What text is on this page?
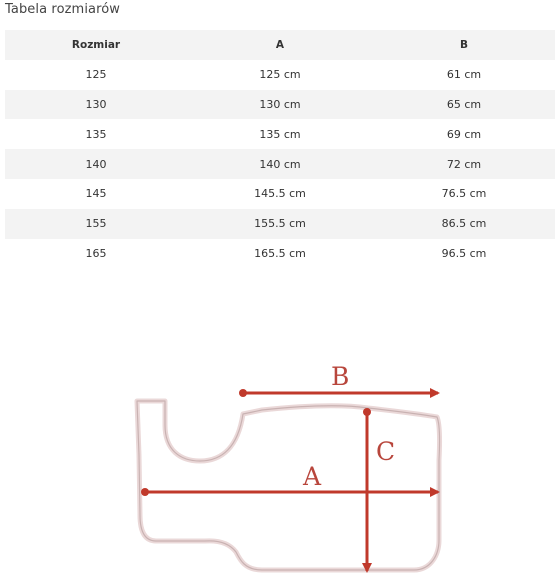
Tabela rozmiarów
Rozmiar	A	B
125	125 cm	61 cm
130	130 cm	65 cm
135	135 cm	69 cm
140	140 cm	72 cm
145	145.5 cm	76.5 cm
155	155.5 cm	86.5 cm
165	165.5 cm	96.5 cm
B
A
C
